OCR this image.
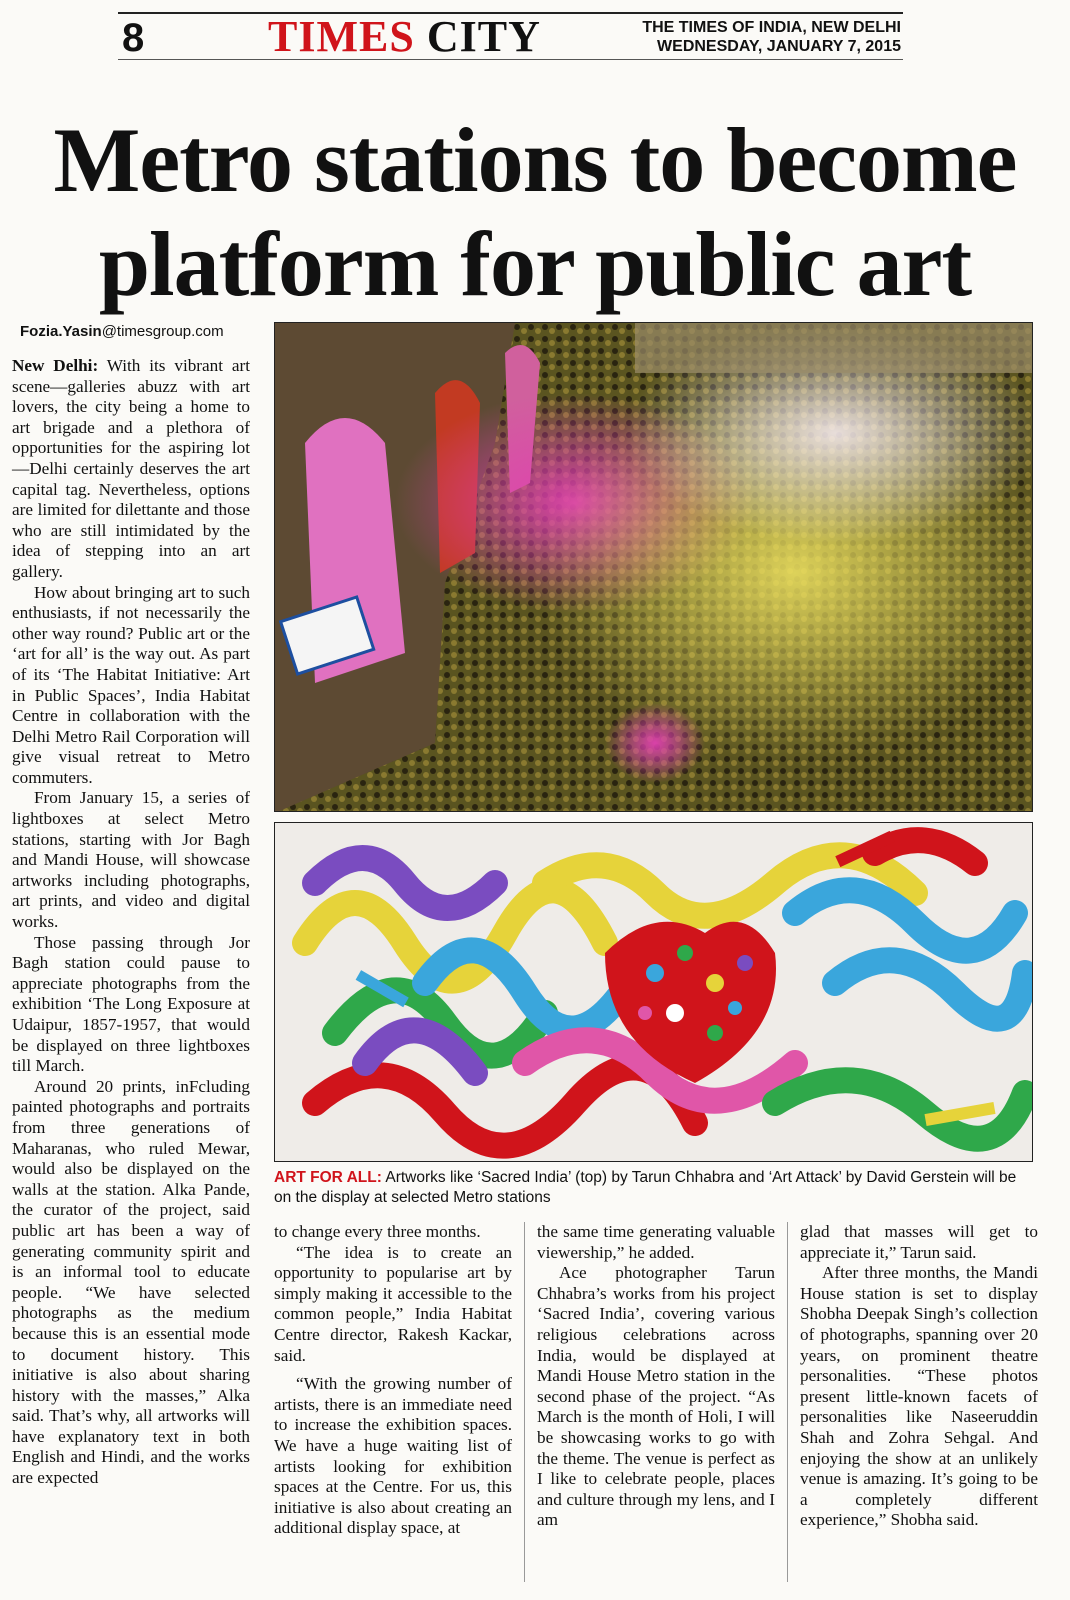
8	TIMES CITY	THE TIMES OF INDIA, NEW DELHI
WEDNESDAY, JANUARY 7, 2015
Metro stations to become
platform for public art
Fozia.Yasin@timesgroup.com

New Delhi: With its vibrant art scene—galleries abuzz with art lovers, the city being a home to art brigade and a plethora of opportunities for the aspiring lot—Delhi certainly deserves the art capital tag. Nevertheless, options are limited for dilettante and those who are still intimidated by the idea of stepping into an art gallery.

How about bringing art to such enthusiasts, if not necessarily the other way round? Public art or the ‘art for all’ is the way out. As part of its ‘The Habitat Initiative: Art in Public Spaces’, India Habitat Centre in collaboration with the Delhi Metro Rail Corporation will give visual retreat to Metro commuters.

From January 15, a series of lightboxes at select Metro stations, starting with Jor Bagh and Mandi House, will showcase artworks including photographs, art prints, and video and digital works.

Those passing through Jor Bagh station could pause to appreciate photographs from the exhibition ‘The Long Exposure at Udaipur, 1857-1957, that would be displayed on three lightboxes till March.

Around 20 prints, inFcluding painted photographs and portraits from three generations of Maharanas, who ruled Mewar, would also be displayed on the walls at the station. Alka Pande, the curator of the project, said public art has been a way of generating community spirit and is an informal tool to educate people. “We have selected photographs as the medium because this is an essential mode to document history. This initiative is also about sharing history with the masses,” Alka said. That’s why, all artworks will have explanatory text in both English and Hindi, and the works are expected

ART FOR ALL: Artworks like ‘Sacred India’ (top) by Tarun Chhabra and ‘Art Attack’ by David Gerstein will be on the display at selected Metro stations

to change every three months.

“The idea is to create an opportunity to popularise art by simply making it accessible to the common people,” India Habitat Centre director, Rakesh Kackar, said.

“With the growing number of artists, there is an immediate need to increase the exhibition spaces. We have a huge waiting list of artists looking for exhibition spaces at the Centre. For us, this initiative is also about creating an additional display space, at

the same time generating valuable viewership,” he added.

Ace photographer Tarun Chhabra’s works from his project ‘Sacred India’, covering various religious celebrations across India, would be displayed at Mandi House Metro station in the second phase of the project. “As March is the month of Holi, I will be showcasing works to go with the theme. The venue is perfect as I like to celebrate people, places and culture through my lens, and I am

glad that masses will get to appreciate it,” Tarun said.

After three months, the Mandi House station is set to display Shobha Deepak Singh’s collection of photographs, spanning over 20 years, on prominent theatre personalities. “These photos present little-known facets of personalities like Naseeruddin Shah and Zohra Sehgal. And enjoying the show at an unlikely venue is amazing. It’s going to be a completely different experience,” Shobha said.
